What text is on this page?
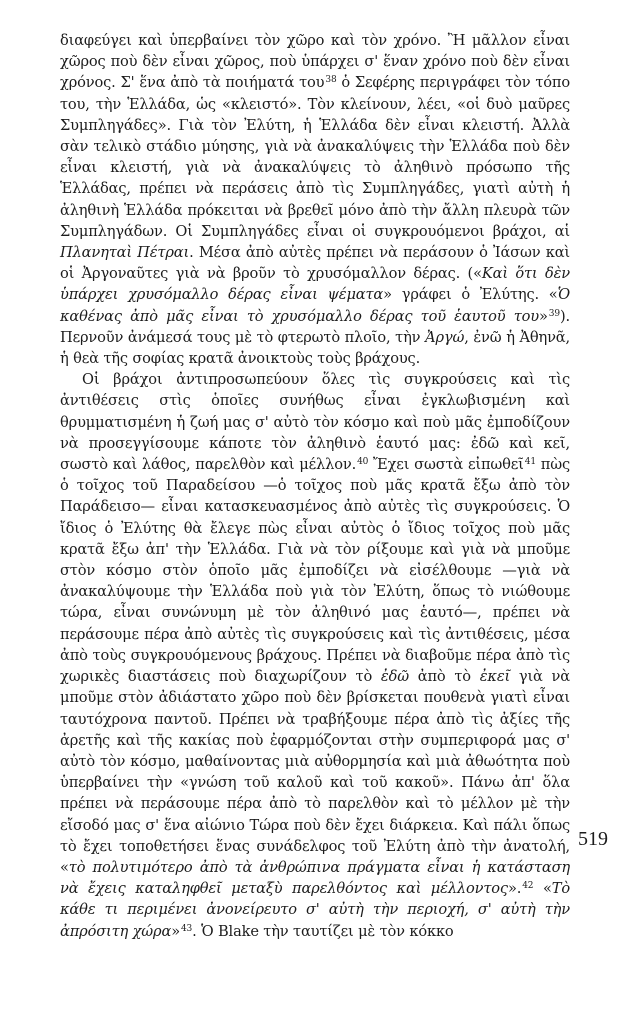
διαφεύγει καὶ ὑπερβαίνει τὸν χῶρο καὶ τὸν χρόνο. Ἢ μᾶλλον εἶναι χῶρος ποὺ δὲν εἶναι χῶρος, ποὺ ὑπάρχει σ' ἕναν χρόνο ποὺ δὲν εἶναι χρόνος. Σ' ἕνα ἀπὸ τὰ ποιήματά του$^{38}$ ὁ Σεφέρης περιγράφει τὸν τόπο του, τὴν Ἑλλάδα, ὡς «κλειστό». Τὸν κλείνουν, λέει, «οἱ δυὸ μαῦρες Συμπληγάδες». Γιὰ τὸν Ἐλύτη, ἡ Ἑλλάδα δὲν εἶναι κλειστή. Ἀλλὰ σὰν τελικὸ στάδιο μύησης, γιὰ νὰ ἀνακαλύψεις τὴν Ἑλλάδα ποὺ δὲν εἶναι κλειστή, γιὰ νὰ ἀνακαλύψεις τὸ ἀληθινὸ πρόσωπο τῆς Ἑλλάδας, πρέπει νὰ περάσεις ἀπὸ τὶς Συμπληγάδες, γιατὶ αὐτὴ ἡ ἀληθινὴ Ἑλλάδα πρόκειται νὰ βρεθεῖ μόνο ἀπὸ τὴν ἄλλη πλευρὰ τῶν Συμπληγάδων. Οἱ Συμπληγάδες εἶναι οἱ συγκρουόμενοι βράχοι, αἱ Πλανηταὶ Πέτραι. Μέσα ἀπὸ αὐτὲς πρέπει νὰ περάσουν ὁ Ἰάσων καὶ οἱ Ἀργοναῦτες γιὰ νὰ βροῦν τὸ χρυσόμαλλον δέρας. («Καὶ ὅτι δὲν ὑπάρχει χρυσόμαλλο δέρας εἶναι ψέματα» γράφει ὁ Ἐλύτης. «Ὁ καθένας ἀπὸ μᾶς εἶναι τὸ χρυσόμαλλο δέρας τοῦ ἑαυτοῦ του»$^{39}$). Περνοῦν ἀνάμεσά τους μὲ τὸ φτερωτὸ πλοῖο, τὴν Ἀργώ, ἐνῶ ἡ Ἀθηνᾶ, ἡ θεὰ τῆς σοφίας κρατᾶ ἀνοικτοὺς τοὺς βράχους.

Οἱ βράχοι ἀντιπροσωπεύουν ὅλες τὶς συγκρούσεις καὶ τὶς ἀντιθέσεις στὶς ὁποῖες συνήθως εἶναι ἐγκλωβισμένη καὶ θρυμματισμένη ἡ ζωή μας σ' αὐτὸ τὸν κόσμο καὶ ποὺ μᾶς ἐμποδίζουν νὰ προσεγγίσουμε κάποτε τὸν ἀληθινὸ ἑαυτό μας: ἐδῶ καὶ κεῖ, σωστὸ καὶ λάθος, παρελθὸν καὶ μέλλον.$^{40}$ Ἔχει σωστὰ εἰπωθεῖ$^{41}$ πὼς ὁ τοῖχος τοῦ Παραδείσου —ὁ τοῖχος ποὺ μᾶς κρατᾶ ἔξω ἀπὸ τὸν Παράδεισο— εἶναι κατασκευασμένος ἀπὸ αὐτὲς τὶς συγκρούσεις. Ὁ ἴδιος ὁ Ἐλύτης θὰ ἔλεγε πὼς εἶναι αὐτὸς ὁ ἴδιος τοῖχος ποὺ μᾶς κρατᾶ ἔξω ἀπ' τὴν Ἑλλάδα. Γιὰ νὰ τὸν ρίξουμε καὶ γιὰ νὰ μποῦμε στὸν κόσμο στὸν ὁποῖο μᾶς ἐμποδίζει νὰ εἰσέλθουμε —γιὰ νὰ ἀνακαλύψουμε τὴν Ἑλλάδα ποὺ γιὰ τὸν Ἐλύτη, ὅπως τὸ νιώθουμε τώρα, εἶναι συνώνυμη μὲ τὸν ἀληθινό μας ἑαυτό—, πρέπει νὰ περάσουμε πέρα ἀπὸ αὐτὲς τὶς συγκρούσεις καὶ τὶς ἀντιθέσεις, μέσα ἀπὸ τοὺς συγκρουόμενους βράχους. Πρέπει νὰ διαβοῦμε πέρα ἀπὸ τὶς χωρικὲς διαστάσεις ποὺ διαχωρίζουν τὸ ἐδῶ ἀπὸ τὸ ἐκεῖ γιὰ νὰ μποῦμε στὸν ἀδιάστατο χῶρο ποὺ δὲν βρίσκεται πουθενὰ γιατὶ εἶναι ταυτόχρονα παντοῦ. Πρέπει νὰ τραβήξουμε πέρα ἀπὸ τὶς ἀξίες τῆς ἀρετῆς καὶ τῆς κακίας ποὺ ἐφαρμόζονται στὴν συμπεριφορά μας σ' αὐτὸ τὸν κόσμο, μαθαίνοντας μιὰ αὐθορμησία καὶ μιὰ ἀθωότητα ποὺ ὑπερβαίνει τὴν «γνώση τοῦ καλοῦ καὶ τοῦ κακοῦ». Πάνω ἀπ' ὅλα πρέπει νὰ περάσουμε πέρα ἀπὸ τὸ παρελθὸν καὶ τὸ μέλλον μὲ τὴν εἴσοδό μας σ' ἕνα αἰώνιο Τώρα ποὺ δὲν ἔχει διάρκεια. Καὶ πάλι ὅπως τὸ ἔχει τοποθετήσει ἕνας συνάδελφος τοῦ Ἐλύτη ἀπὸ τὴν ἀνατολή, «τὸ πολυτιμότερο ἀπὸ τὰ ἀνθρώπινα πράγματα εἶναι ἡ κατάσταση νὰ ἔχεις καταληφθεῖ μεταξὺ παρελθόντος καὶ μέλλοντος».$^{42}$ «Τὸ κάθε τι περιμένει ἀνονείρευτο σ' αὐτὴ τὴν περιοχή, σ' αὐτὴ τὴν ἀπρόσιτη χώρα»$^{43}$. Ὁ Blake τὴν ταυτίζει μὲ τὸν κόκκο

519
